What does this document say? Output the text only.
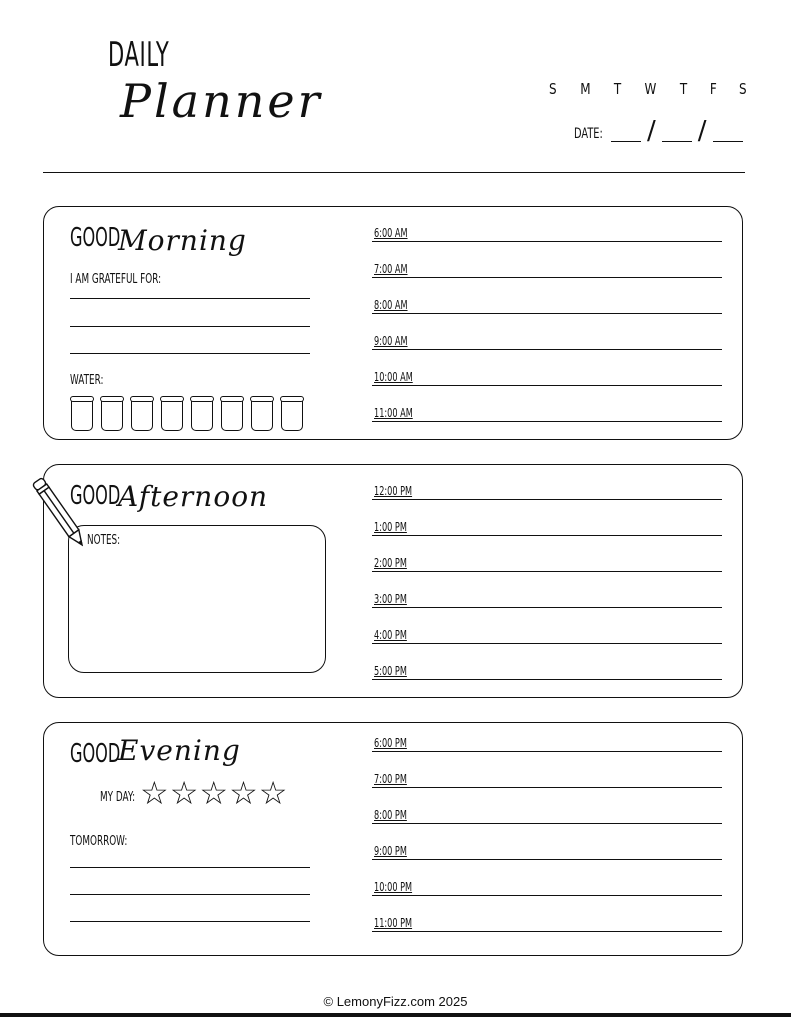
DAILY
Planner	S M T W T F S
DATE: / /
GOOD
Morning
I AM GRATEFUL FOR:
WATER:
6:00 AM
7:00 AM
8:00 AM
9:00 AM
10:00 AM
11:00 AM
GOOD
Afternoon
NOTES:
12:00 PM
1:00 PM
2:00 PM
3:00 PM
4:00 PM
5:00 PM
GOOD
Evening
MY DAY: ☆ ☆ ☆ ☆ ☆
TOMORROW:
6:00 PM
7:00 PM
8:00 PM
9:00 PM
10:00 PM
11:00 PM
© LemonyFizz.com 2025
